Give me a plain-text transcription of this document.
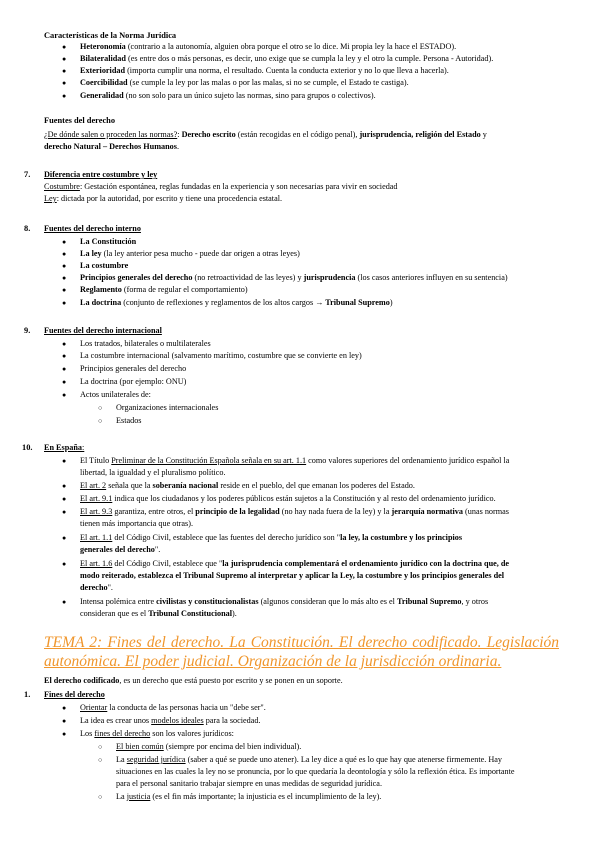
Características de la Norma Jurídica
● Heteronomía (contrario a la autonomía, alguien obra porque el otro se lo dice. Mi propia ley la hace el ESTADO).
● Bilateralidad (es entre dos o más personas, es decir, uno exige que se cumpla la ley y el otro la cumple. Persona - Autoridad).
● Exterioridad (importa cumplir una norma, el resultado. Cuenta la conducta exterior y no lo que lleva a hacerla).
● Coercibilidad (se cumple la ley por las malas o por las malas, si no se cumple, el Estado te castiga).
● Generalidad (no son solo para un único sujeto las normas, sino para grupos o colectivos).
Fuentes del derecho
¿De dónde salen o proceden las normas?: Derecho escrito (están recogidas en el código penal), jurisprudencia, religión del Estado y
derecho Natural – Derechos Humanos.
7. Diferencia entre costumbre y ley
Costumbre: Gestación espontánea, reglas fundadas en la experiencia y son necesarias para vivir en sociedad
Ley: dictada por la autoridad, por escrito y tiene una procedencia estatal.
8. Fuentes del derecho interno
● La Constitución
● La ley (la ley anterior pesa mucho - puede dar origen a otras leyes)
● La costumbre
● Principios generales del derecho (no retroactividad de las leyes) y jurisprudencia (los casos anteriores influyen en su sentencia)
● Reglamento (forma de regular el comportamiento)
● La doctrina (conjunto de reflexiones y reglamentos de los altos cargos → Tribunal Supremo)
9. Fuentes del derecho internacional
● Los tratados, bilaterales o multilaterales
● La costumbre internacional (salvamento marítimo, costumbre que se convierte en ley)
● Principios generales del derecho
● La doctrina (por ejemplo: ONU)
● Actos unilaterales de:
○ Organizaciones internacionales
○ Estados
10. En España:
● El Título Preliminar de la Constitución Española señala en su art. 1.1 como valores superiores del ordenamiento jurídico español la
libertad, la igualdad y el pluralismo político.
● El art. 2 señala que la soberanía nacional reside en el pueblo, del que emanan los poderes del Estado.
● El art. 9.1 indica que los ciudadanos y los poderes públicos están sujetos a la Constitución y al resto del ordenamiento jurídico.
● El art. 9.3 garantiza, entre otros, el principio de la legalidad (no hay nada fuera de la ley) y la jerarquía normativa (unas normas
tienen más importancia que otras).
● El art. 1.1 del Código Civil, establece que las fuentes del derecho jurídico son "la ley, la costumbre y los principios
generales del derecho".
● El art. 1.6 del Código Civil, establece que "la jurisprudencia complementará el ordenamiento jurídico con la doctrina que, de
modo reiterado, establezca el Tribunal Supremo al interpretar y aplicar la Ley, la costumbre y los principios generales del
derecho".
● Intensa polémica entre civilistas y constitucionalistas (algunos consideran que lo más alto es el Tribunal Supremo, y otros
consideran que es el Tribunal Constitucional).
TEMA 2: Fines del derecho. La Constitución. El derecho codificado. Legislación autonómica. El poder judicial. Organización de la jurisdicción ordinaria.
El derecho codificado, es un derecho que está puesto por escrito y se ponen en un soporte.
1. Fines del derecho
● Orientar la conducta de las personas hacia un "debe ser".
● La idea es crear unos modelos ideales para la sociedad.
● Los fines del derecho son los valores jurídicos:
○ El bien común (siempre por encima del bien individual).
○ La seguridad jurídica (saber a qué se puede uno atener). La ley dice a qué es lo que hay que atenerse firmemente. Hay
situaciones en las cuales la ley no se pronuncia, por lo que quedaría la deontología y sólo la reflexión ética. Es importante
para el personal sanitario trabajar siempre en unas medidas de seguridad jurídica.
○ La justicia (es el fin más importante; la injusticia es el incumplimiento de la ley).
